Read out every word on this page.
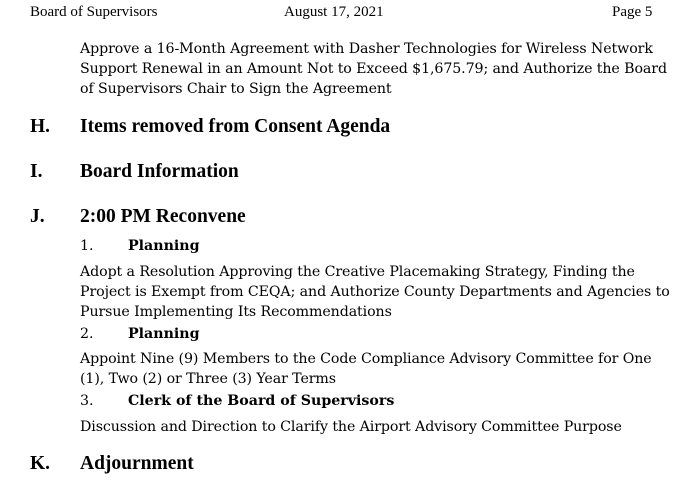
Board of Supervisors	August 17, 2021	Page 5
Approve a 16-Month Agreement with Dasher Technologies for Wireless Network Support Renewal in an Amount Not to Exceed $1,675.79; and Authorize the Board of Supervisors Chair to Sign the Agreement
H. Items removed from Consent Agenda
I. Board Information
J. 2:00 PM Reconvene
1. Planning
Adopt a Resolution Approving the Creative Placemaking Strategy, Finding the Project is Exempt from CEQA; and Authorize County Departments and Agencies to Pursue Implementing Its Recommendations
2. Planning
Appoint Nine (9) Members to the Code Compliance Advisory Committee for One (1), Two (2) or Three (3) Year Terms
3. Clerk of the Board of Supervisors
Discussion and Direction to Clarify the Airport Advisory Committee Purpose
K. Adjournment
